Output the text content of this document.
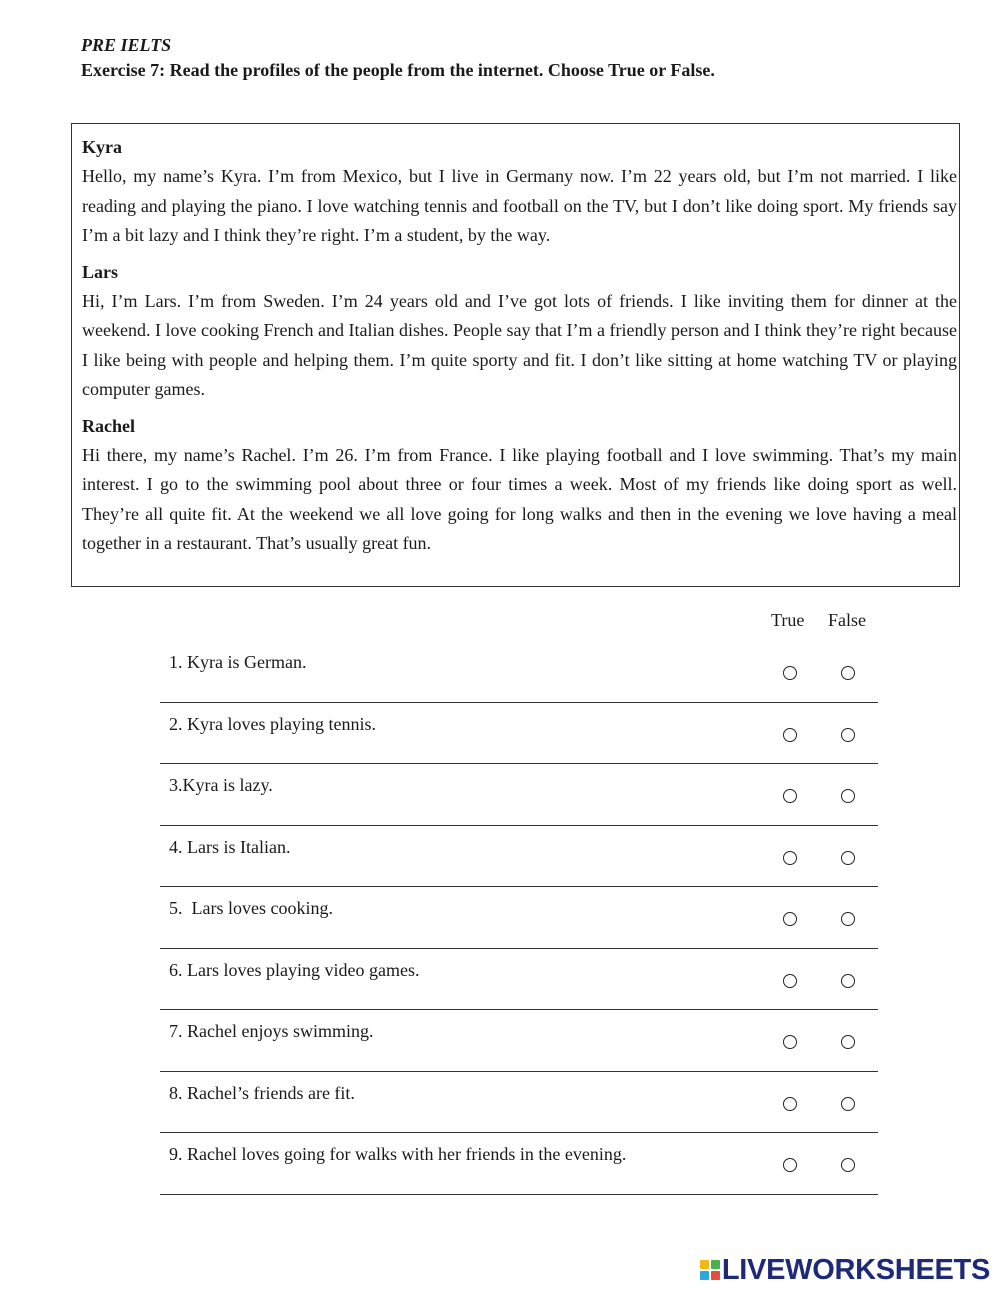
PRE IELTS
Exercise 7: Read the profiles of the people from the internet. Choose True or False.
Kyra

Hello, my name’s Kyra. I’m from Mexico, but I live in Germany now. I’m 22 years old, but I’m not married. I like reading and playing the piano. I love watching tennis and football on the TV, but I don’t like doing sport. My friends say I’m a bit lazy and I think they’re right. I’m a student, by the way.

Lars

Hi, I’m Lars. I’m from Sweden. I’m 24 years old and I’ve got lots of friends. I like inviting them for dinner at the weekend. I love cooking French and Italian dishes. People say that I’m a friendly person and I think they’re right because I like being with people and helping them. I’m quite sporty and fit. I don’t like sitting at home watching TV or playing computer games.

Rachel

Hi there, my name’s Rachel. I’m 26. I’m from France. I like playing football and I love swimming. That’s my main interest. I go to the swimming pool about three or four times a week. Most of my friends like doing sport as well. They’re all quite fit. At the weekend we all love going for long walks and then in the evening we love having a meal together in a restaurant. That’s usually great fun.

True False
1. Kyra is German.
2. Kyra loves playing tennis.
3.Kyra is lazy.
4. Lars is Italian.
5.  Lars loves cooking.
6. Lars loves playing video games.
7. Rachel enjoys swimming.
8. Rachel’s friends are fit.
9. Rachel loves going for walks with her friends in the evening.
LIVEWORKSHEETS
